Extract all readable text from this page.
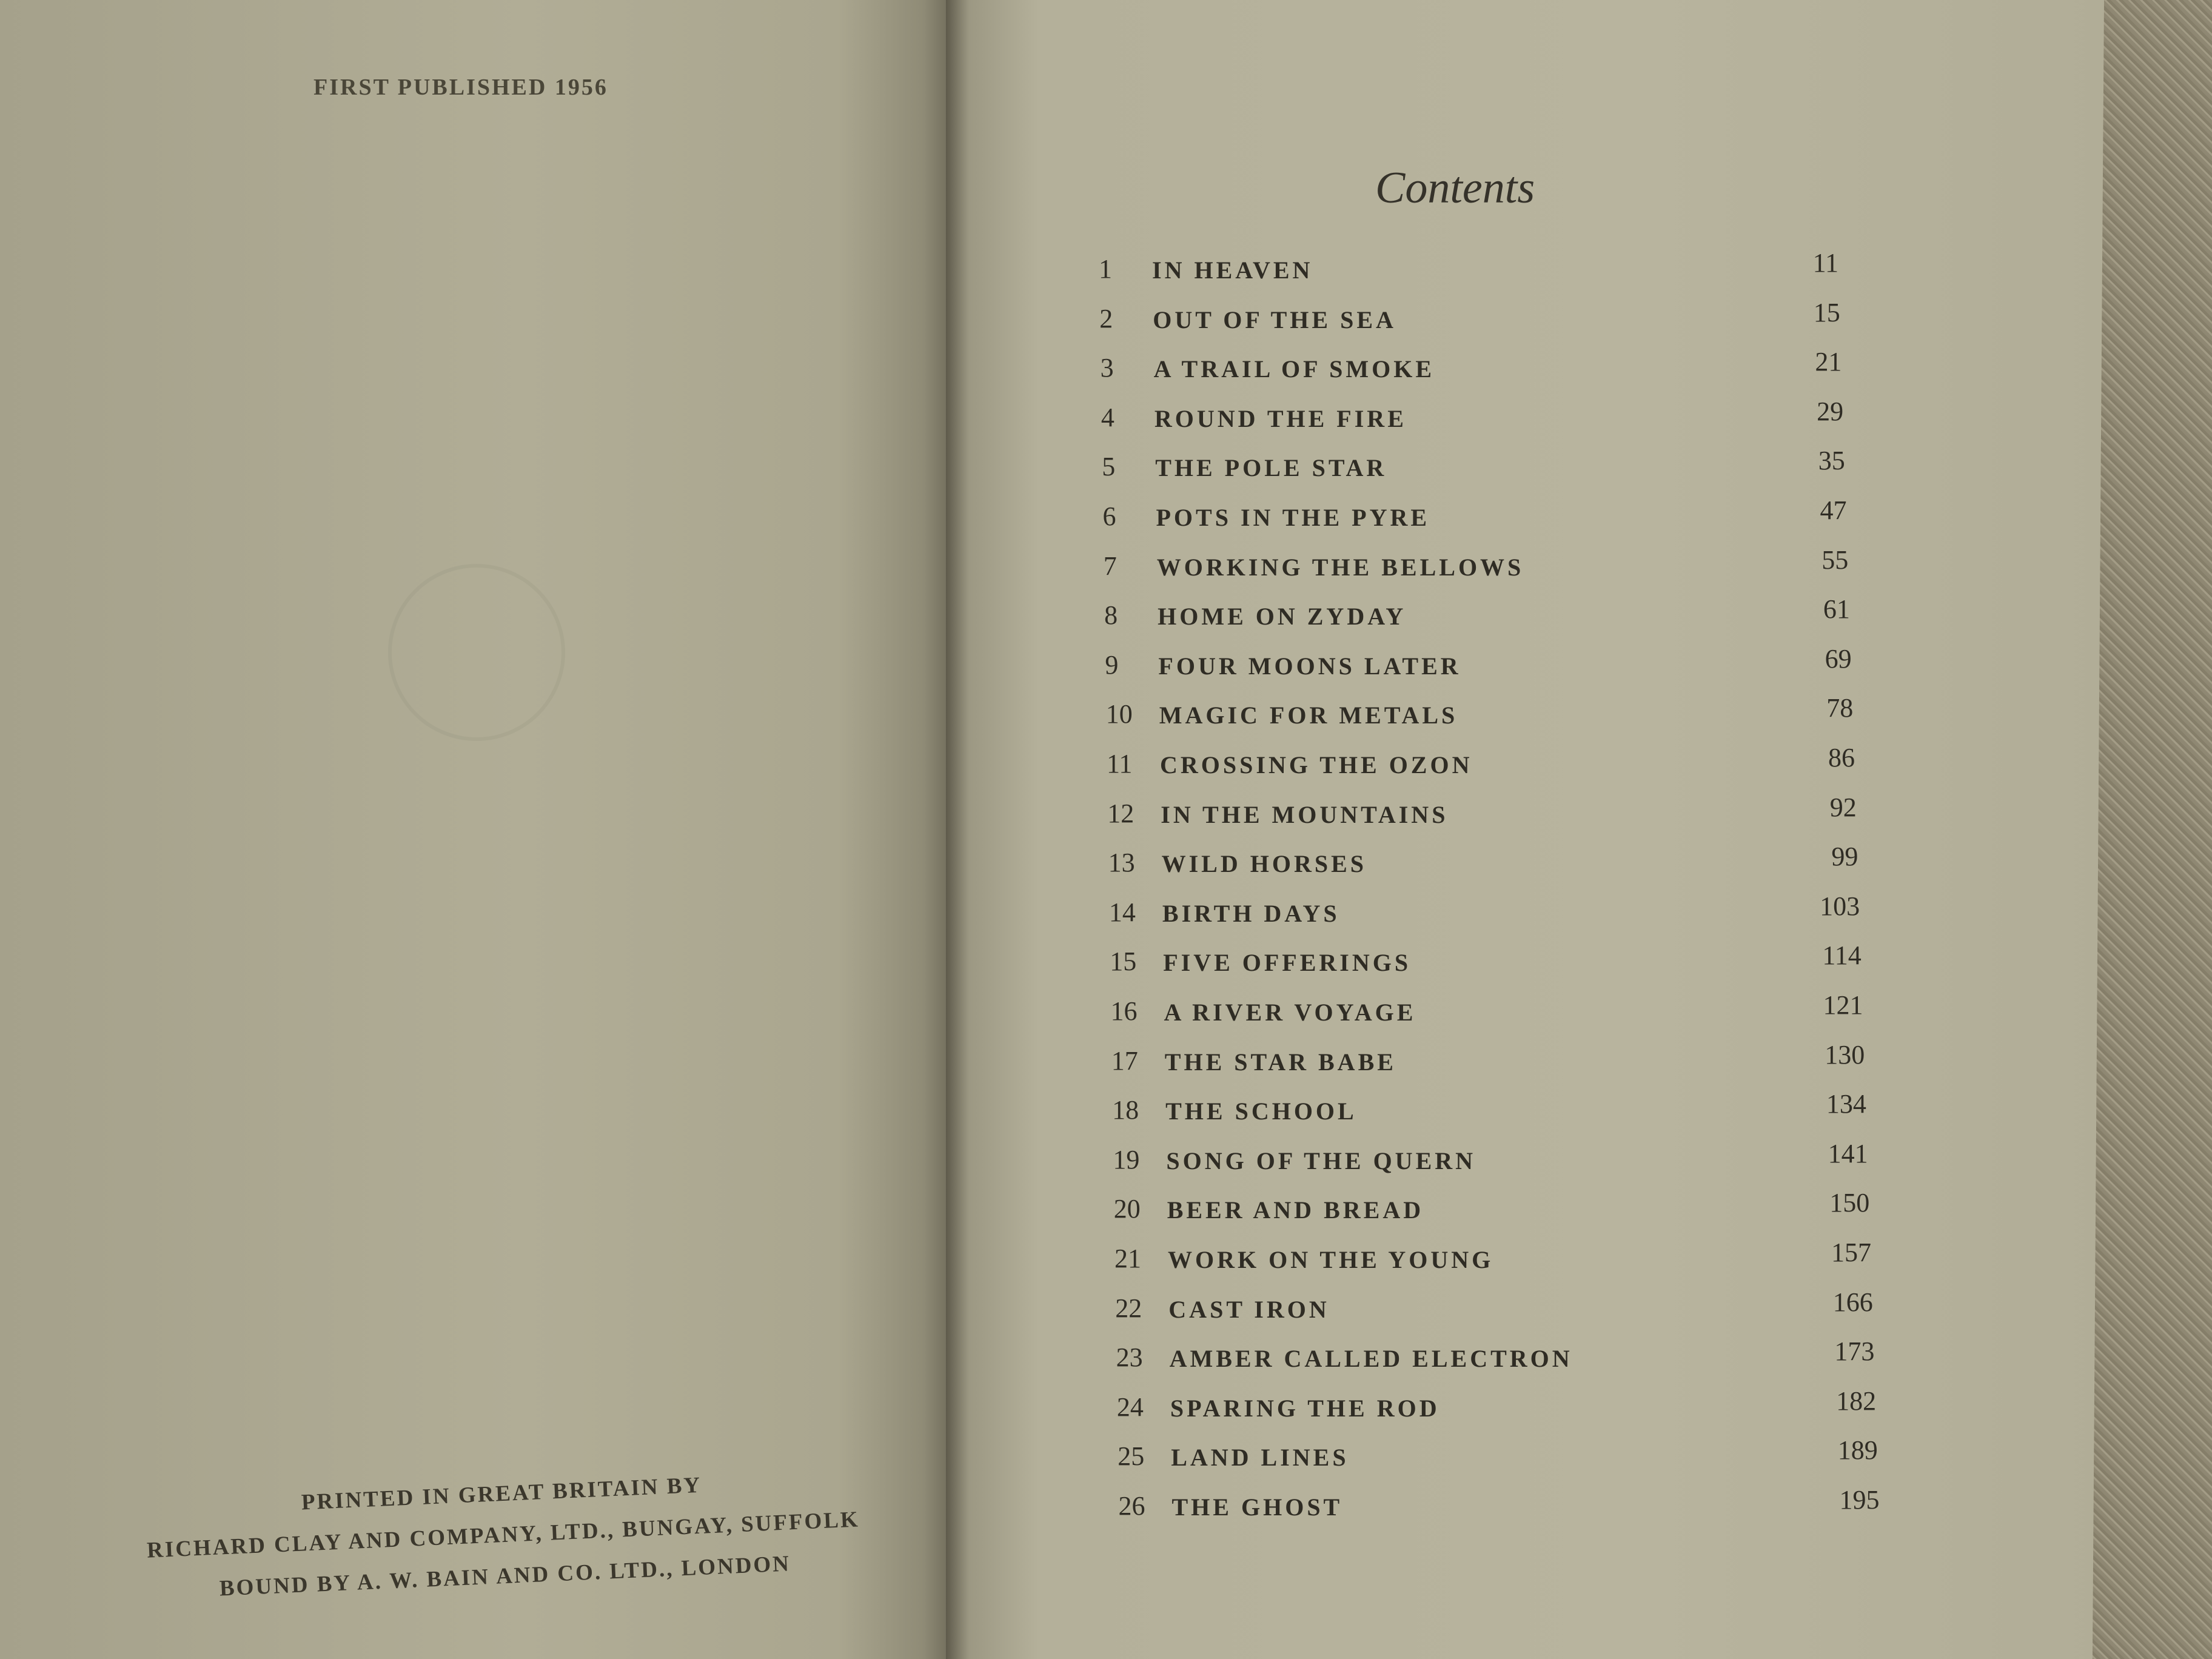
FIRST PUBLISHED 1956
PRINTED IN GREAT BRITAIN BY
RICHARD CLAY AND COMPANY, LTD., BUNGAY, SUFFOLK
BOUND BY A. W. BAIN AND CO. LTD., LONDON
Contents
1	IN HEAVEN	11
2	OUT OF THE SEA	15
3	A TRAIL OF SMOKE	21
4	ROUND THE FIRE	29
5	THE POLE STAR	35
6	POTS IN THE PYRE	47
7	WORKING THE BELLOWS	55
8	HOME ON ZYDAY	61
9	FOUR MOONS LATER	69
10	MAGIC FOR METALS	78
11	CROSSING THE OZON	86
12	IN THE MOUNTAINS	92
13	WILD HORSES	99
14	BIRTH DAYS	103
15	FIVE OFFERINGS	114
16	A RIVER VOYAGE	121
17	THE STAR BABE	130
18	THE SCHOOL	134
19	SONG OF THE QUERN	141
20	BEER AND BREAD	150
21	WORK ON THE YOUNG	157
22	CAST IRON	166
23	AMBER CALLED ELECTRON	173
24	SPARING THE ROD	182
25	LAND LINES	189
26	THE GHOST	195
